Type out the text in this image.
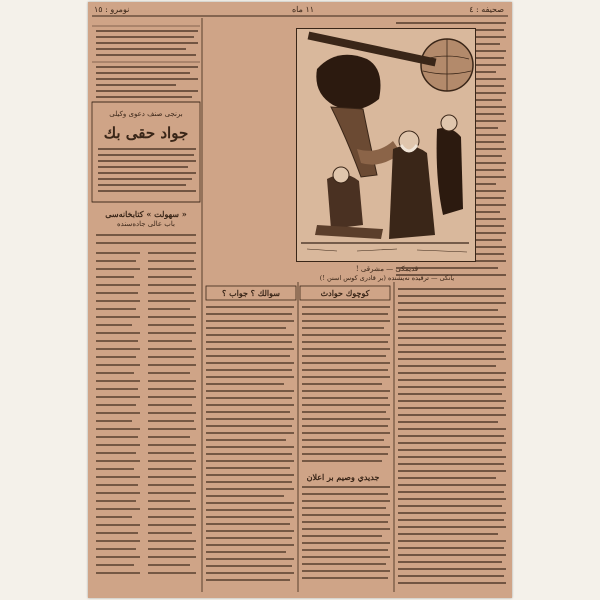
صحیفه : ٤
١١ ماه
نومرو : ١٥
برنجی صنف دعوی وكیلی
جواد حقی بك
« سهولت » كتابخانه‌سی
باب عالی جاده‌سنده
قدیمکی — مشرقی !
یانکی — ترقیده نه‌یشنده (بر قادری کوس اسنن !)
سوالك ؟ جواب ؟	كوچوك حوادث
جديدي وصيم بر اعلان
